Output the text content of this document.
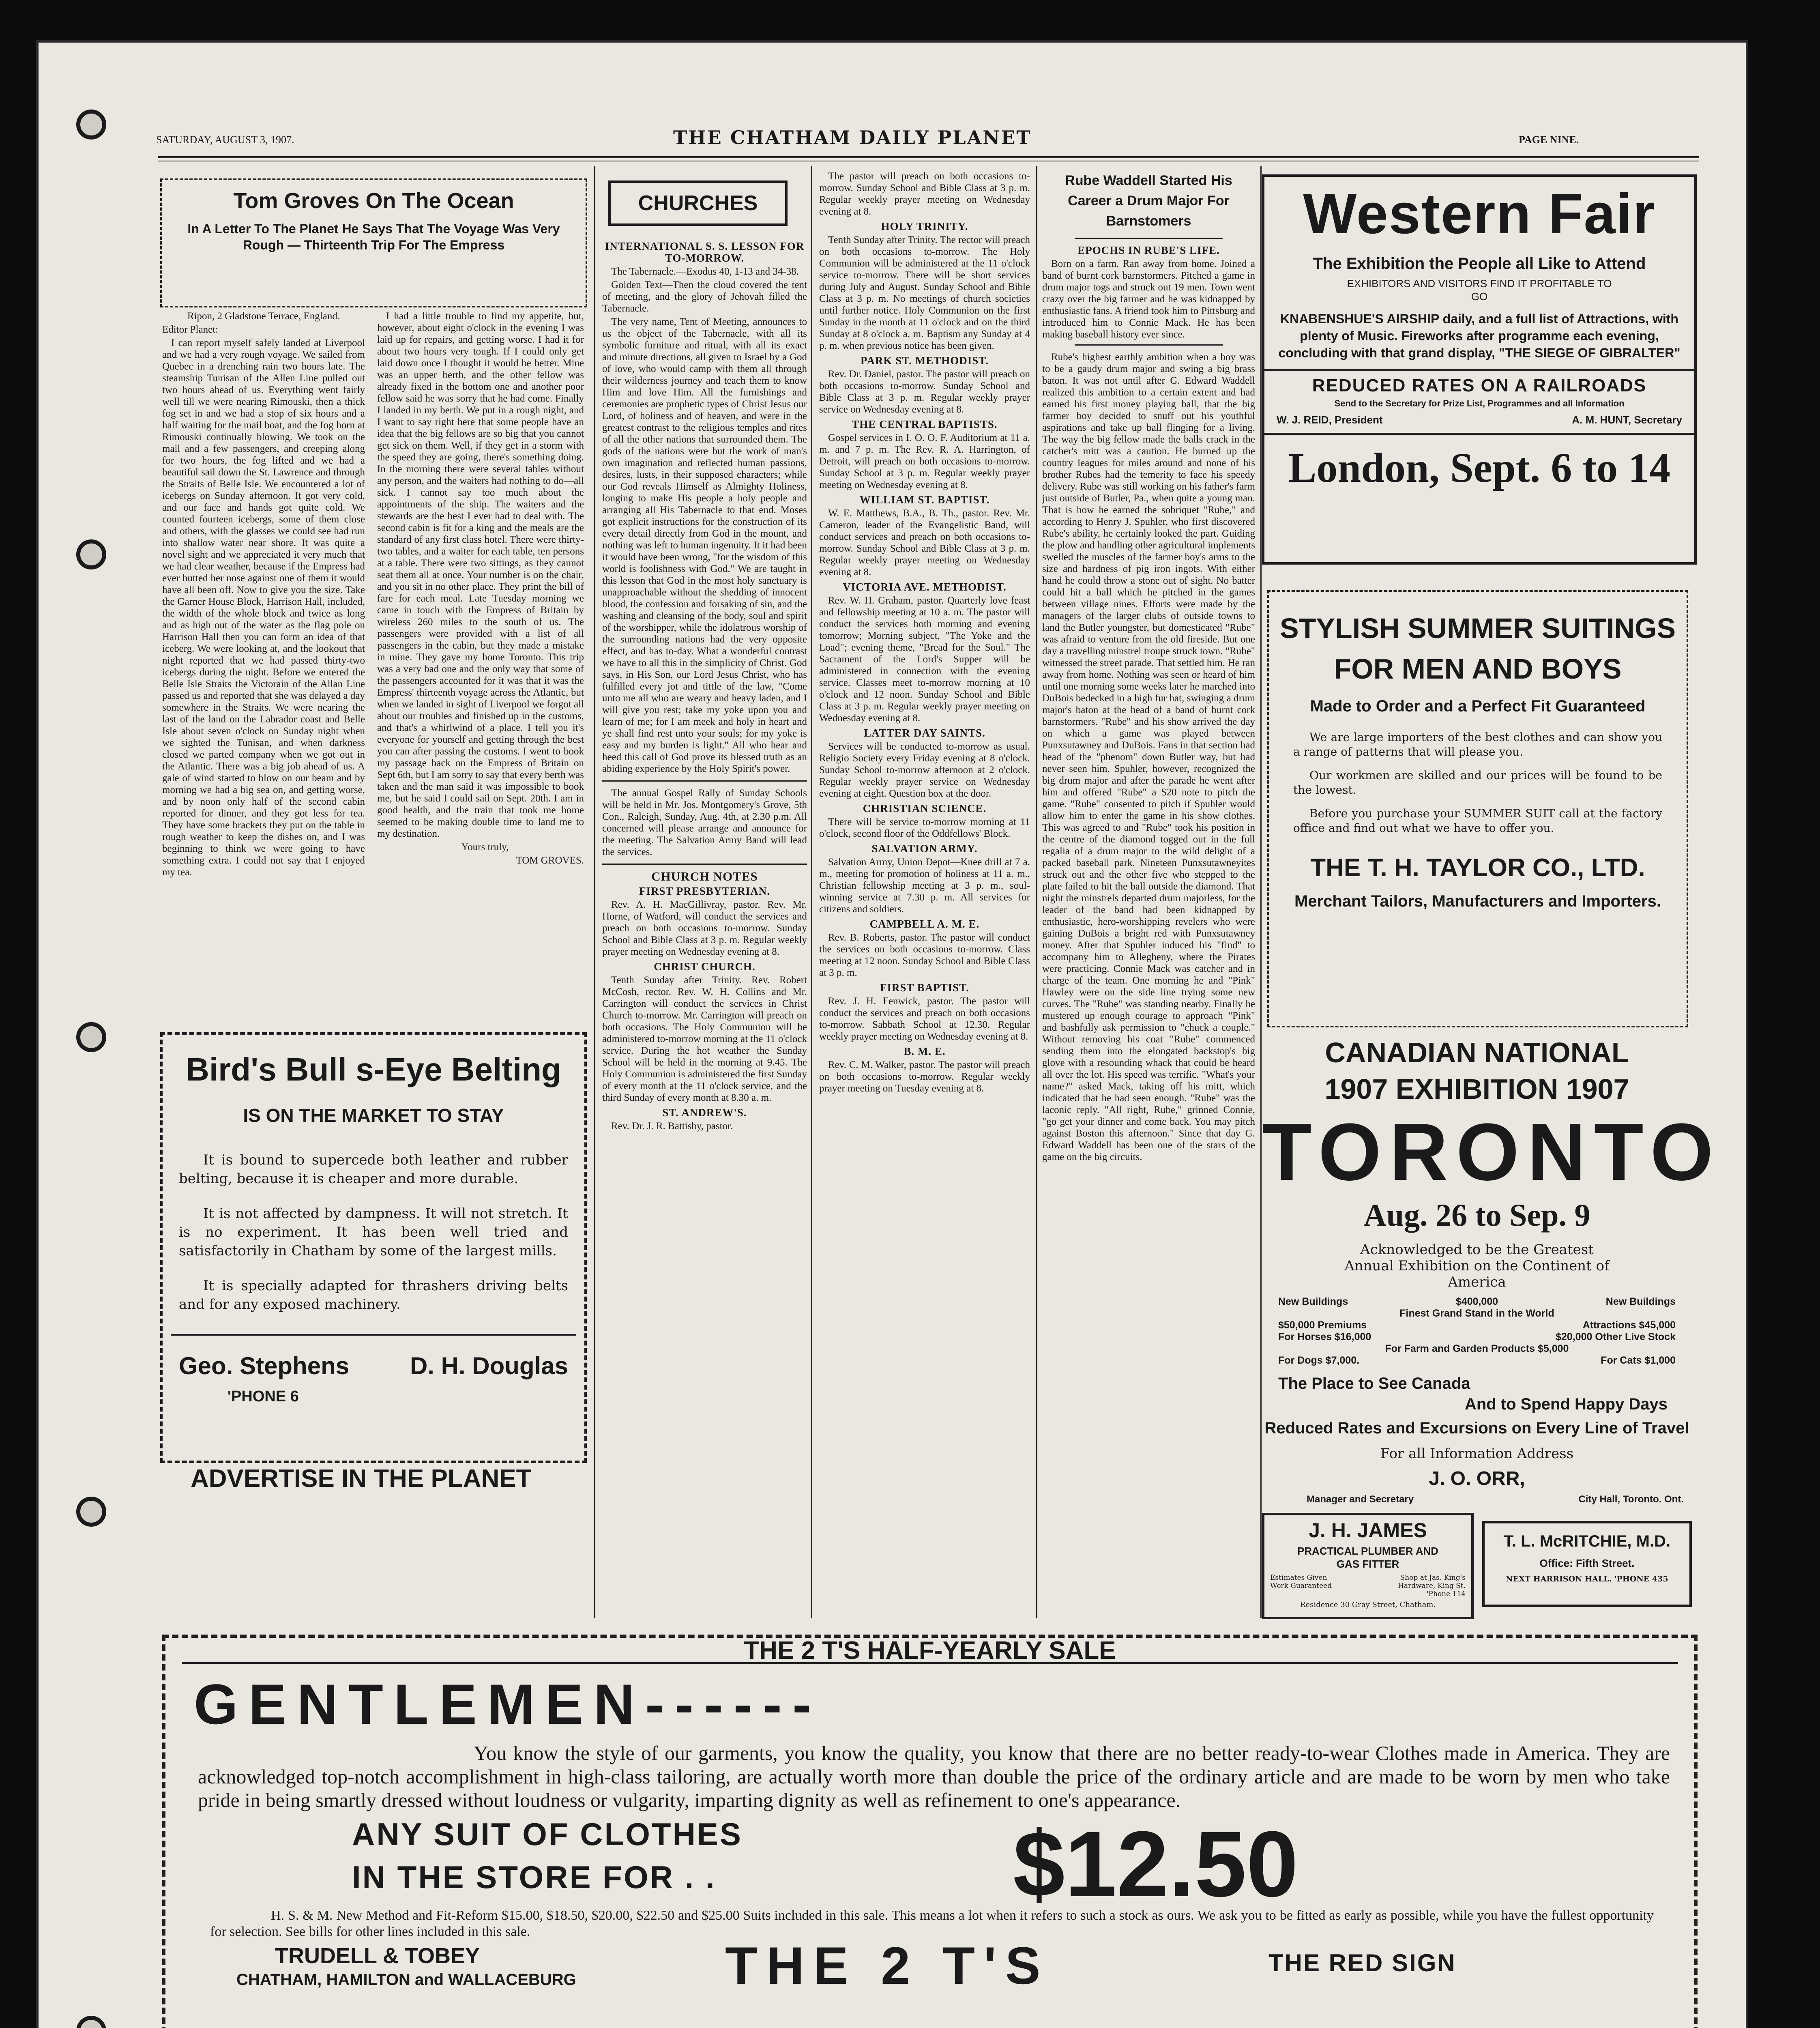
SATURDAY, AUGUST 3, 1907.	THE CHATHAM DAILY PLANET	PAGE NINE.

Tom Groves On The Ocean

In A Letter To The Planet He Says That The Voyage Was Very Rough — Thirteenth Trip For The Empress

Ripon, 2 Gladstone Terrace, England.

Editor Planet:

I can report myself safely landed at Liverpool and we had a very rough voyage. We sailed from Quebec in a drenching rain two hours late. The steamship Tunisan of the Allen Line pulled out two hours ahead of us. Everything went fairly well till we were nearing Rimouski, then a thick fog set in and we had a stop of six hours and a half waiting for the mail boat, and the fog horn at Rimouski continually blowing. We took on the mail and a few passengers, and creeping along for two hours, the fog lifted and we had a beautiful sail down the St. Lawrence and through the Straits of Belle Isle. We encountered a lot of icebergs on Sunday afternoon. It got very cold, and our face and hands got quite cold. We counted fourteen icebergs, some of them close and others, with the glasses we could see had run into shallow water near shore. It was quite a novel sight and we appreciated it very much that we had clear weather, because if the Empress had ever butted her nose against one of them it would have all been off. Now to give you the size. Take the Garner House Block, Harrison Hall, included, the width of the whole block and twice as long and as high out of the water as the flag pole on Harrison Hall then you can form an idea of that iceberg. We were looking at, and the lookout that night reported that we had passed thirty-two icebergs during the night. Before we entered the Belle Isle Straits the Victorain of the Allan Line passed us and reported that she was delayed a day somewhere in the Straits. We were nearing the last of the land on the Labrador coast and Belle Isle about seven o'clock on Sunday night when we sighted the Tunisan, and when darkness closed we parted company when we got out in the Atlantic. There was a big job ahead of us. A gale of wind started to blow on our beam and by morning we had a big sea on, and getting worse, and by noon only half of the second cabin reported for dinner, and they got less for tea. They have some brackets they put on the table in rough weather to keep the dishes on, and I was beginning to think we were going to have something extra. I could not say that I enjoyed my tea.

I had a little trouble to find my appetite, but, however, about eight o'clock in the evening I was laid up for repairs, and getting worse. I had it for about two hours very tough. If I could only get laid down once I thought it would be better. Mine was an upper berth, and the other fellow was already fixed in the bottom one and another poor fellow said he was sorry that he had come. Finally I landed in my berth. We put in a rough night, and I want to say right here that some people have an idea that the big fellows are so big that you cannot get sick on them. Well, if they get in a storm with the speed they are going, there's something doing. In the morning there were several tables without any person, and the waiters had nothing to do—all sick. I cannot say too much about the appointments of the ship. The waiters and the stewards are the best I ever had to deal with. The second cabin is fit for a king and the meals are the standard of any first class hotel. There were thirty-two tables, and a waiter for each table, ten persons at a table. There were two sittings, as they cannot seat them all at once. Your number is on the chair, and you sit in no other place. They print the bill of fare for each meal. Late Tuesday morning we came in touch with the Empress of Britain by wireless 260 miles to the south of us. The passengers were provided with a list of all passengers in the cabin, but they made a mistake in mine. They gave my home Toronto. This trip was a very bad one and the only way that some of the passengers accounted for it was that it was the Empress' thirteenth voyage across the Atlantic, but when we landed in sight of Liverpool we forgot all about our troubles and finished up in the customs, and that's a whirlwind of a place. I tell you it's everyone for yourself and getting through the best you can after passing the customs. I went to book my passage back on the Empress of Britain on Sept 6th, but I am sorry to say that every berth was taken and the man said it was impossible to book me, but he said I could sail on Sept. 20th. I am in good health, and the train that took me home seemed to be making double time to land me to my destination.

Yours truly,

TOM GROVES.

Bird's Bull s-Eye Belting

IS ON THE MARKET TO STAY

It is bound to supercede both leather and rubber belting, because it is cheaper and more durable.

It is not affected by dampness. It will not stretch. It is no experiment. It has been well tried and satisfactorily in Chatham by some of the largest mills.

It is specially adapted for thrashers driving belts and for any exposed machinery.

Geo. Stephens D. H. Douglas

'PHONE 6

ADVERTISE IN THE PLANET

CHURCHES

INTERNATIONAL S. S. LESSON FOR TO-MORROW.

The Tabernacle.—Exodus 40, 1-13 and 34-38.

Golden Text—Then the cloud covered the tent of meeting, and the glory of Jehovah filled the Tabernacle.

The very name, Tent of Meeting, announces to us the object of the Tabernacle, with all its symbolic furniture and ritual, with all its exact and minute directions, all given to Israel by a God of love, who would camp with them all through their wilderness journey and teach them to know Him and love Him. All the furnishings and ceremonies are prophetic types of Christ Jesus our Lord, of holiness and of heaven, and were in the greatest contrast to the religious temples and rites of all the other nations that surrounded them. The gods of the nations were but the work of man's own imagination and reflected human passions, desires, lusts, in their supposed characters; while our God reveals Himself as Almighty Holiness, longing to make His people a holy people and arranging all His Tabernacle to that end. Moses got explicit instructions for the construction of its every detail directly from God in the mount, and nothing was left to human ingenuity. It it had been it would have been wrong, "for the wisdom of this world is foolishness with God." We are taught in this lesson that God in the most holy sanctuary is unapproachable without the shedding of innocent blood, the confession and forsaking of sin, and the washing and cleansing of the body, soul and spirit of the worshipper, while the idolatrous worship of the surrounding nations had the very opposite effect, and has to-day. What a wonderful contrast we have to all this in the simplicity of Christ. God says, in His Son, our Lord Jesus Christ, who has fulfilled every jot and tittle of the law, "Come unto me all who are weary and heavy laden, and I will give you rest; take my yoke upon you and learn of me; for I am meek and holy in heart and ye shall find rest unto your souls; for my yoke is easy and my burden is light." All who hear and heed this call of God prove its blessed truth as an abiding experience by the Holy Spirit's power.

The annual Gospel Rally of Sunday Schools will be held in Mr. Jos. Montgomery's Grove, 5th Con., Raleigh, Sunday, Aug. 4th, at 2.30 p.m. All concerned will please arrange and announce for the meeting. The Salvation Army Band will lead the services.

CHURCH NOTES
FIRST PRESBYTERIAN.

Rev. A. H. MacGillivray, pastor. Rev. Mr. Horne, of Watford, will conduct the services and preach on both occasions to-morrow. Sunday School and Bible Class at 3 p. m. Regular weekly prayer meeting on Wednesday evening at 8.

CHRIST CHURCH.

Tenth Sunday after Trinity. Rev. Robert McCosh, rector. Rev. W. H. Collins and Mr. Carrington will conduct the services in Christ Church to-morrow. Mr. Carrington will preach on both occasions. The Holy Communion will be administered to-morrow morning at the 11 o'clock service. During the hot weather the Sunday School will be held in the morning at 9.45. The Holy Communion is administered the first Sunday of every month at the 11 o'clock service, and the third Sunday of every month at 8.30 a. m.

ST. ANDREW'S.

Rev. Dr. J. R. Battisby, pastor.

The pastor will preach on both occasions to-morrow. Sunday School and Bible Class at 3 p. m. Regular weekly prayer meeting on Wednesday evening at 8.

HOLY TRINITY.

Tenth Sunday after Trinity. The rector will preach on both occasions to-morrow. The Holy Communion will be administered at the 11 o'clock service to-morrow. There will be short services during July and August. Sunday School and Bible Class at 3 p. m. No meetings of church societies until further notice. Holy Communion on the first Sunday in the month at 11 o'clock and on the third Sunday at 8 o'clock a. m. Baptism any Sunday at 4 p. m. when previous notice has been given.

PARK ST. METHODIST.

Rev. Dr. Daniel, pastor. The pastor will preach on both occasions to-morrow. Sunday School and Bible Class at 3 p. m. Regular weekly prayer service on Wednesday evening at 8.

THE CENTRAL BAPTISTS.

Gospel services in I. O. O. F. Auditorium at 11 a. m. and 7 p. m. The Rev. R. A. Harrington, of Detroit, will preach on both occasions to-morrow. Sunday School at 3 p. m. Regular weekly prayer meeting on Wednesday evening at 8.

WILLIAM ST. BAPTIST.

W. E. Matthews, B.A., B. Th., pastor. Rev. Mr. Cameron, leader of the Evangelistic Band, will conduct services and preach on both occasions to-morrow. Sunday School and Bible Class at 3 p. m. Regular weekly prayer meeting on Wednesday evening at 8.

VICTORIA AVE. METHODIST.

Rev. W. H. Graham, pastor. Quarterly love feast and fellowship meeting at 10 a. m. The pastor will conduct the services both morning and evening tomorrow; Morning subject, "The Yoke and the Load"; evening theme, "Bread for the Soul." The Sacrament of the Lord's Supper will be administered in connection with the evening service. Classes meet to-morrow morning at 10 o'clock and 12 noon. Sunday School and Bible Class at 3 p. m. Regular weekly prayer meeting on Wednesday evening at 8.

LATTER DAY SAINTS.

Services will be conducted to-morrow as usual. Religio Society every Friday evening at 8 o'clock. Sunday School to-morrow afternoon at 2 o'clock. Regular weekly prayer service on Wednesday evening at eight. Question box at the door.

CHRISTIAN SCIENCE.

There will be service to-morrow morning at 11 o'clock, second floor of the Oddfellows' Block.

SALVATION ARMY.

Salvation Army, Union Depot—Knee drill at 7 a. m., meeting for promotion of holiness at 11 a. m., Christian fellowship meeting at 3 p. m., soul-winning service at 7.30 p. m. All services for citizens and soldiers.

CAMPBELL A. M. E.

Rev. B. Roberts, pastor. The pastor will conduct the services on both occasions to-morrow. Class meeting at 12 noon. Sunday School and Bible Class at 3 p. m.

FIRST BAPTIST.

Rev. J. H. Fenwick, pastor. The pastor will conduct the services and preach on both occasions to-morrow. Sabbath School at 12.30. Regular weekly prayer meeting on Wednesday evening at 8.

B. M. E.

Rev. C. M. Walker, pastor. The pastor will preach on both occasions to-morrow. Regular weekly prayer meeting on Tuesday evening at 8.

Rube Waddell Started His Career a Drum Major For Barnstomers

EPOCHS IN RUBE'S LIFE.

Born on a farm. Ran away from home. Joined a band of burnt cork barnstormers. Pitched a game in drum major togs and struck out 19 men. Town went crazy over the big farmer and he was kidnapped by enthusiastic fans. A friend took him to Pittsburg and introduced him to Connie Mack. He has been making baseball history ever since.

Rube's highest earthly ambition when a boy was to be a gaudy drum major and swing a big brass baton. It was not until after G. Edward Waddell realized this ambition to a certain extent and had earned his first money playing ball, that the big farmer boy decided to snuff out his youthful aspirations and take up ball flinging for a living. The way the big fellow made the balls crack in the catcher's mitt was a caution. He burned up the country leagues for miles around and none of his brother Rubes had the temerity to face his speedy delivery. Rube was still working on his father's farm just outside of Butler, Pa., when quite a young man. That is how he earned the sobriquet "Rube," and according to Henry J. Spuhler, who first discovered Rube's ability, he certainly looked the part. Guiding the plow and handling other agricultural implements swelled the muscles of the farmer boy's arms to the size and hardness of pig iron ingots. With either hand he could throw a stone out of sight. No batter could hit a ball which he pitched in the games between village nines. Efforts were made by the managers of the larger clubs of outside towns to land the Butler youngster, but domesticated "Rube" was afraid to venture from the old fireside. But one day a travelling minstrel troupe struck town. "Rube" witnessed the street parade. That settled him. He ran away from home. Nothing was seen or heard of him until one morning some weeks later he marched into DuBois bedecked in a high fur hat, swinging a drum major's baton at the head of a band of burnt cork barnstormers. "Rube" and his show arrived the day on which a game was played between Punxsutawney and DuBois. Fans in that section had head of the "phenom" down Butler way, but had never seen him. Spuhler, however, recognized the big drum major and after the parade he went after him and offered "Rube" a $20 note to pitch the game. "Rube" consented to pitch if Spuhler would allow him to enter the game in his show clothes. This was agreed to and "Rube" took his position in the centre of the diamond togged out in the full regalia of a drum major to the wild delight of a packed baseball park. Nineteen Punxsutawneyites struck out and the other five who stepped to the plate failed to hit the ball outside the diamond. That night the minstrels departed drum majorless, for the leader of the band had been kidnapped by enthusiastic, hero-worshipping revelers who were gaining DuBois a bright red with Punxsutawney money. After that Spuhler induced his "find" to accompany him to Allegheny, where the Pirates were practicing. Connie Mack was catcher and in charge of the team. One morning he and "Pink" Hawley were on the side line trying some new curves. The "Rube" was standing nearby. Finally he mustered up enough courage to approach "Pink" and bashfully ask permission to "chuck a couple." Without removing his coat "Rube" commenced sending them into the elongated backstop's big glove with a resounding whack that could be heard all over the lot. His speed was terrific. "What's your name?" asked Mack, taking off his mitt, which indicated that he had seen enough. "Rube" was the laconic reply. "All right, Rube," grinned Connie, "go get your dinner and come back. You may pitch against Boston this afternoon." Since that day G. Edward Waddell has been one of the stars of the game on the big circuits.

Western Fair

The Exhibition the People all Like to Attend

EXHIBITORS AND VISITORS FIND IT PROFITABLE TO GO

KNABENSHUE'S AIRSHIP daily, and a full list of Attractions, with plenty of Music. Fireworks after programme each evening, concluding with that grand display, "THE SIEGE OF GIBRALTER"

REDUCED RATES ON A RAILROADS

Send to the Secretary for Prize List, Programmes and all Information

W. J. REID, President	A. M. HUNT, Secretary

London, Sept. 6 to 14

STYLISH SUMMER SUITINGS FOR MEN AND BOYS

Made to Order and a Perfect Fit Guaranteed

We are large importers of the best clothes and can show you a range of patterns that will please you.

Our workmen are skilled and our prices will be found to be the lowest.

Before you purchase your SUMMER SUIT call at the factory office and find out what we have to offer you.

THE T. H. TAYLOR CO., LTD.

Merchant Tailors, Manufacturers and Importers.

CANADIAN NATIONAL

1907 EXHIBITION 1907

TORONTO

Aug. 26 to Sep. 9

Acknowledged to be the Greatest Annual Exhibition on the Continent of America

New Buildings	$400,000	New Buildings
Finest Grand Stand in the World
$50,000 Premiums	Attractions $45,000
For Horses $16,000	$20,000 Other Live Stock
For Farm and Garden Products $5,000
For Dogs $7,000.	For Cats $1,000

The Place to See Canada

And to Spend Happy Days

Reduced Rates and Excursions on Every Line of Travel

For all Information Address

J. O. ORR,

Manager and Secretary	City Hall, Toronto. Ont.

J. H. JAMES

PRACTICAL PLUMBER AND GAS FITTER

Estimates Given Work Guaranteed
Shop at Jas. King's Hardware, King St. 'Phone 114

Residence 30 Gray Street, Chatham.

T. L. McRITCHIE, M.D.

Office: Fifth Street.

NEXT HARRISON HALL. 'PHONE 435

THE 2 T'S HALF-YEARLY SALE

GENTLEMEN------

You know the style of our garments, you know the quality, you know that there are no better ready-to-wear Clothes made in America. They are acknowledged top-notch accomplishment in high-class tailoring, are actually worth more than double the price of the ordinary article and are made to be worn by men who take pride in being smartly dressed without loudness or vulgarity, imparting dignity as well as refinement to one's appearance.

ANY SUIT OF CLOTHES

IN THE STORE FOR . .	$12.50

H. S. & M. New Method and Fit-Reform $15.00, $18.50, $20.00, $22.50 and $25.00 Suits included in this sale. This means a lot when it refers to such a stock as ours. We ask you to be fitted as early as possible, while you have the fullest opportunity for selection. See bills for other lines included in this sale.

TRUDELL & TOBEY

CHATHAM, HAMILTON and WALLACEBURG	THE 2 T'S	THE RED SIGN
